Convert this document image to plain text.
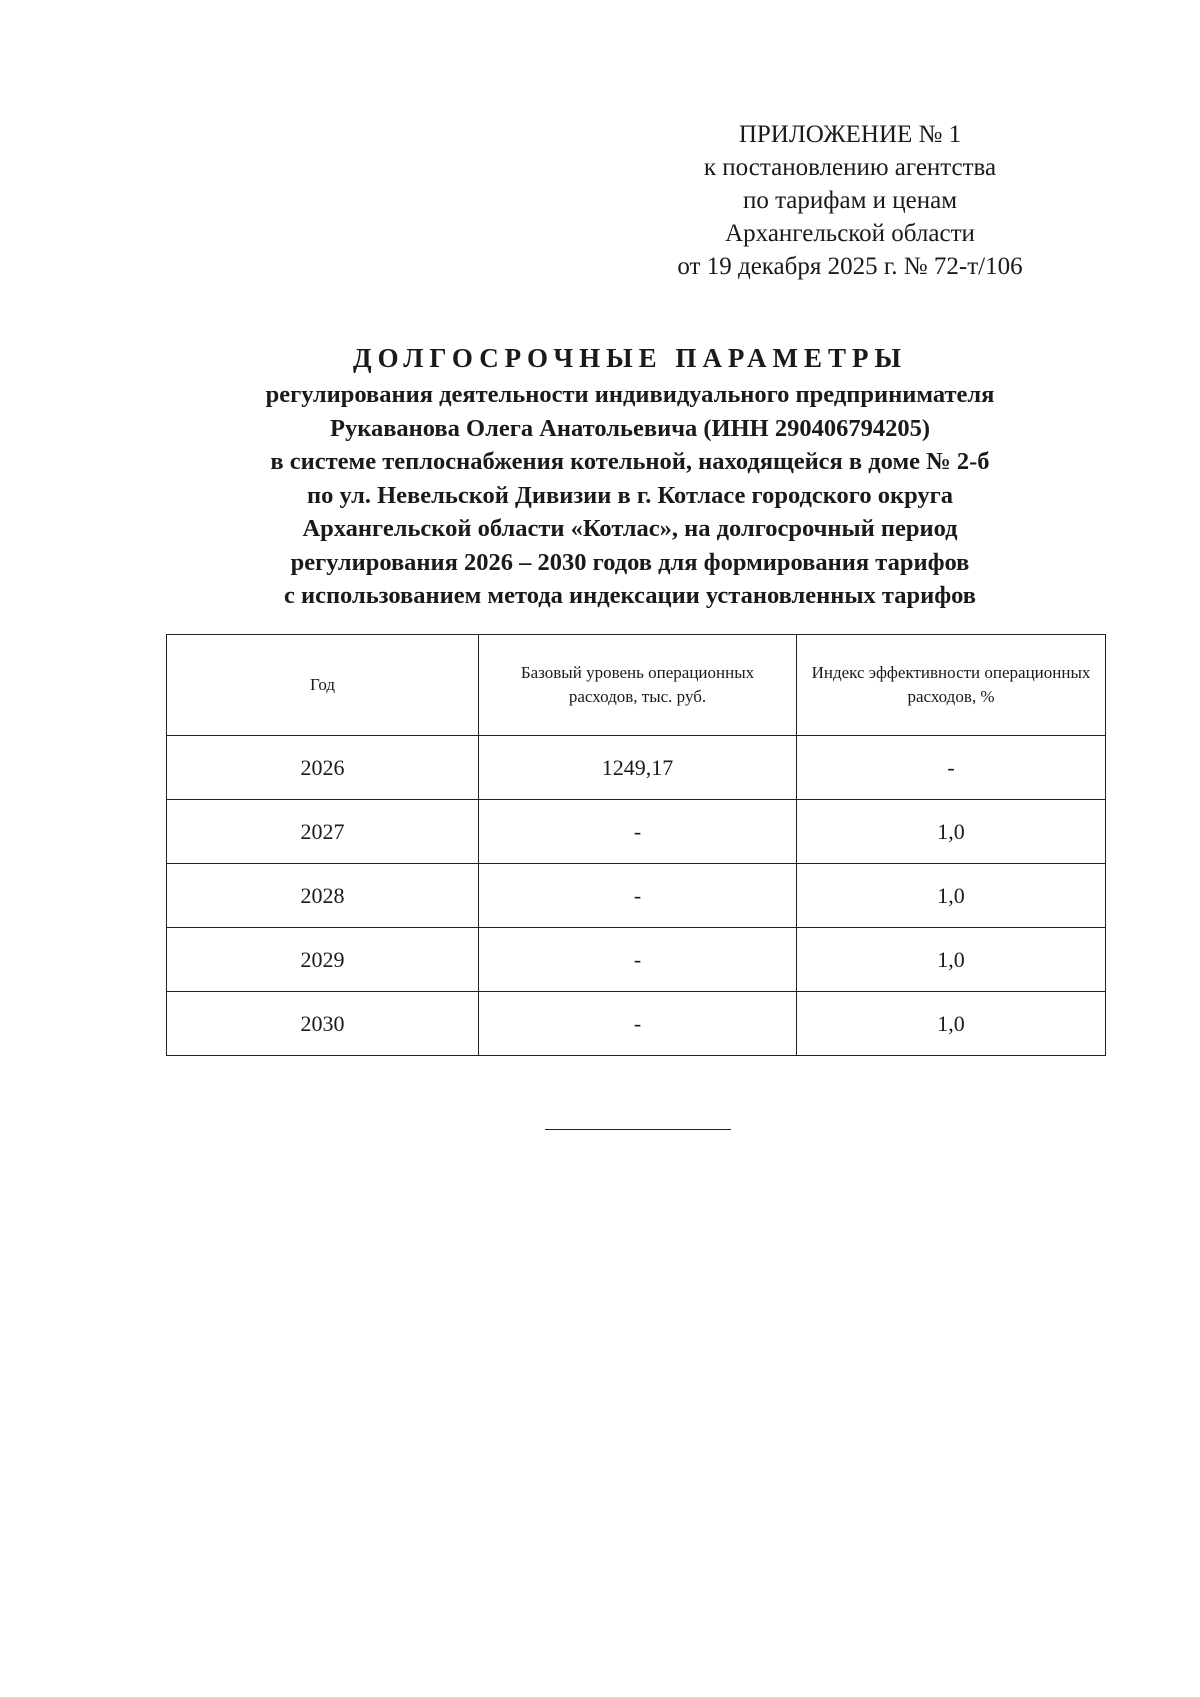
ПРИЛОЖЕНИЕ № 1
к постановлению агентства
по тарифам и ценам
Архангельской области
от 19 декабря 2025 г. № 72-т/106
ДОЛГОСРОЧНЫЕ ПАРАМЕТРЫ
регулирования деятельности индивидуального предпринимателя
Рукаванова Олега Анатольевича (ИНН 290406794205)
в системе теплоснабжения котельной, находящейся в доме № 2-б
по ул. Невельской Дивизии в г. Котласе городского округа
Архангельской области «Котлас», на долгосрочный период
регулирования 2026 – 2030 годов для формирования тарифов
с использованием метода индексации установленных тарифов
Год	Базовый уровень операционных расходов, тыс. руб.	Индекс эффективности операционных расходов, %
2026	1249,17	-
2027	-	1,0
2028	-	1,0
2029	-	1,0
2030	-	1,0
